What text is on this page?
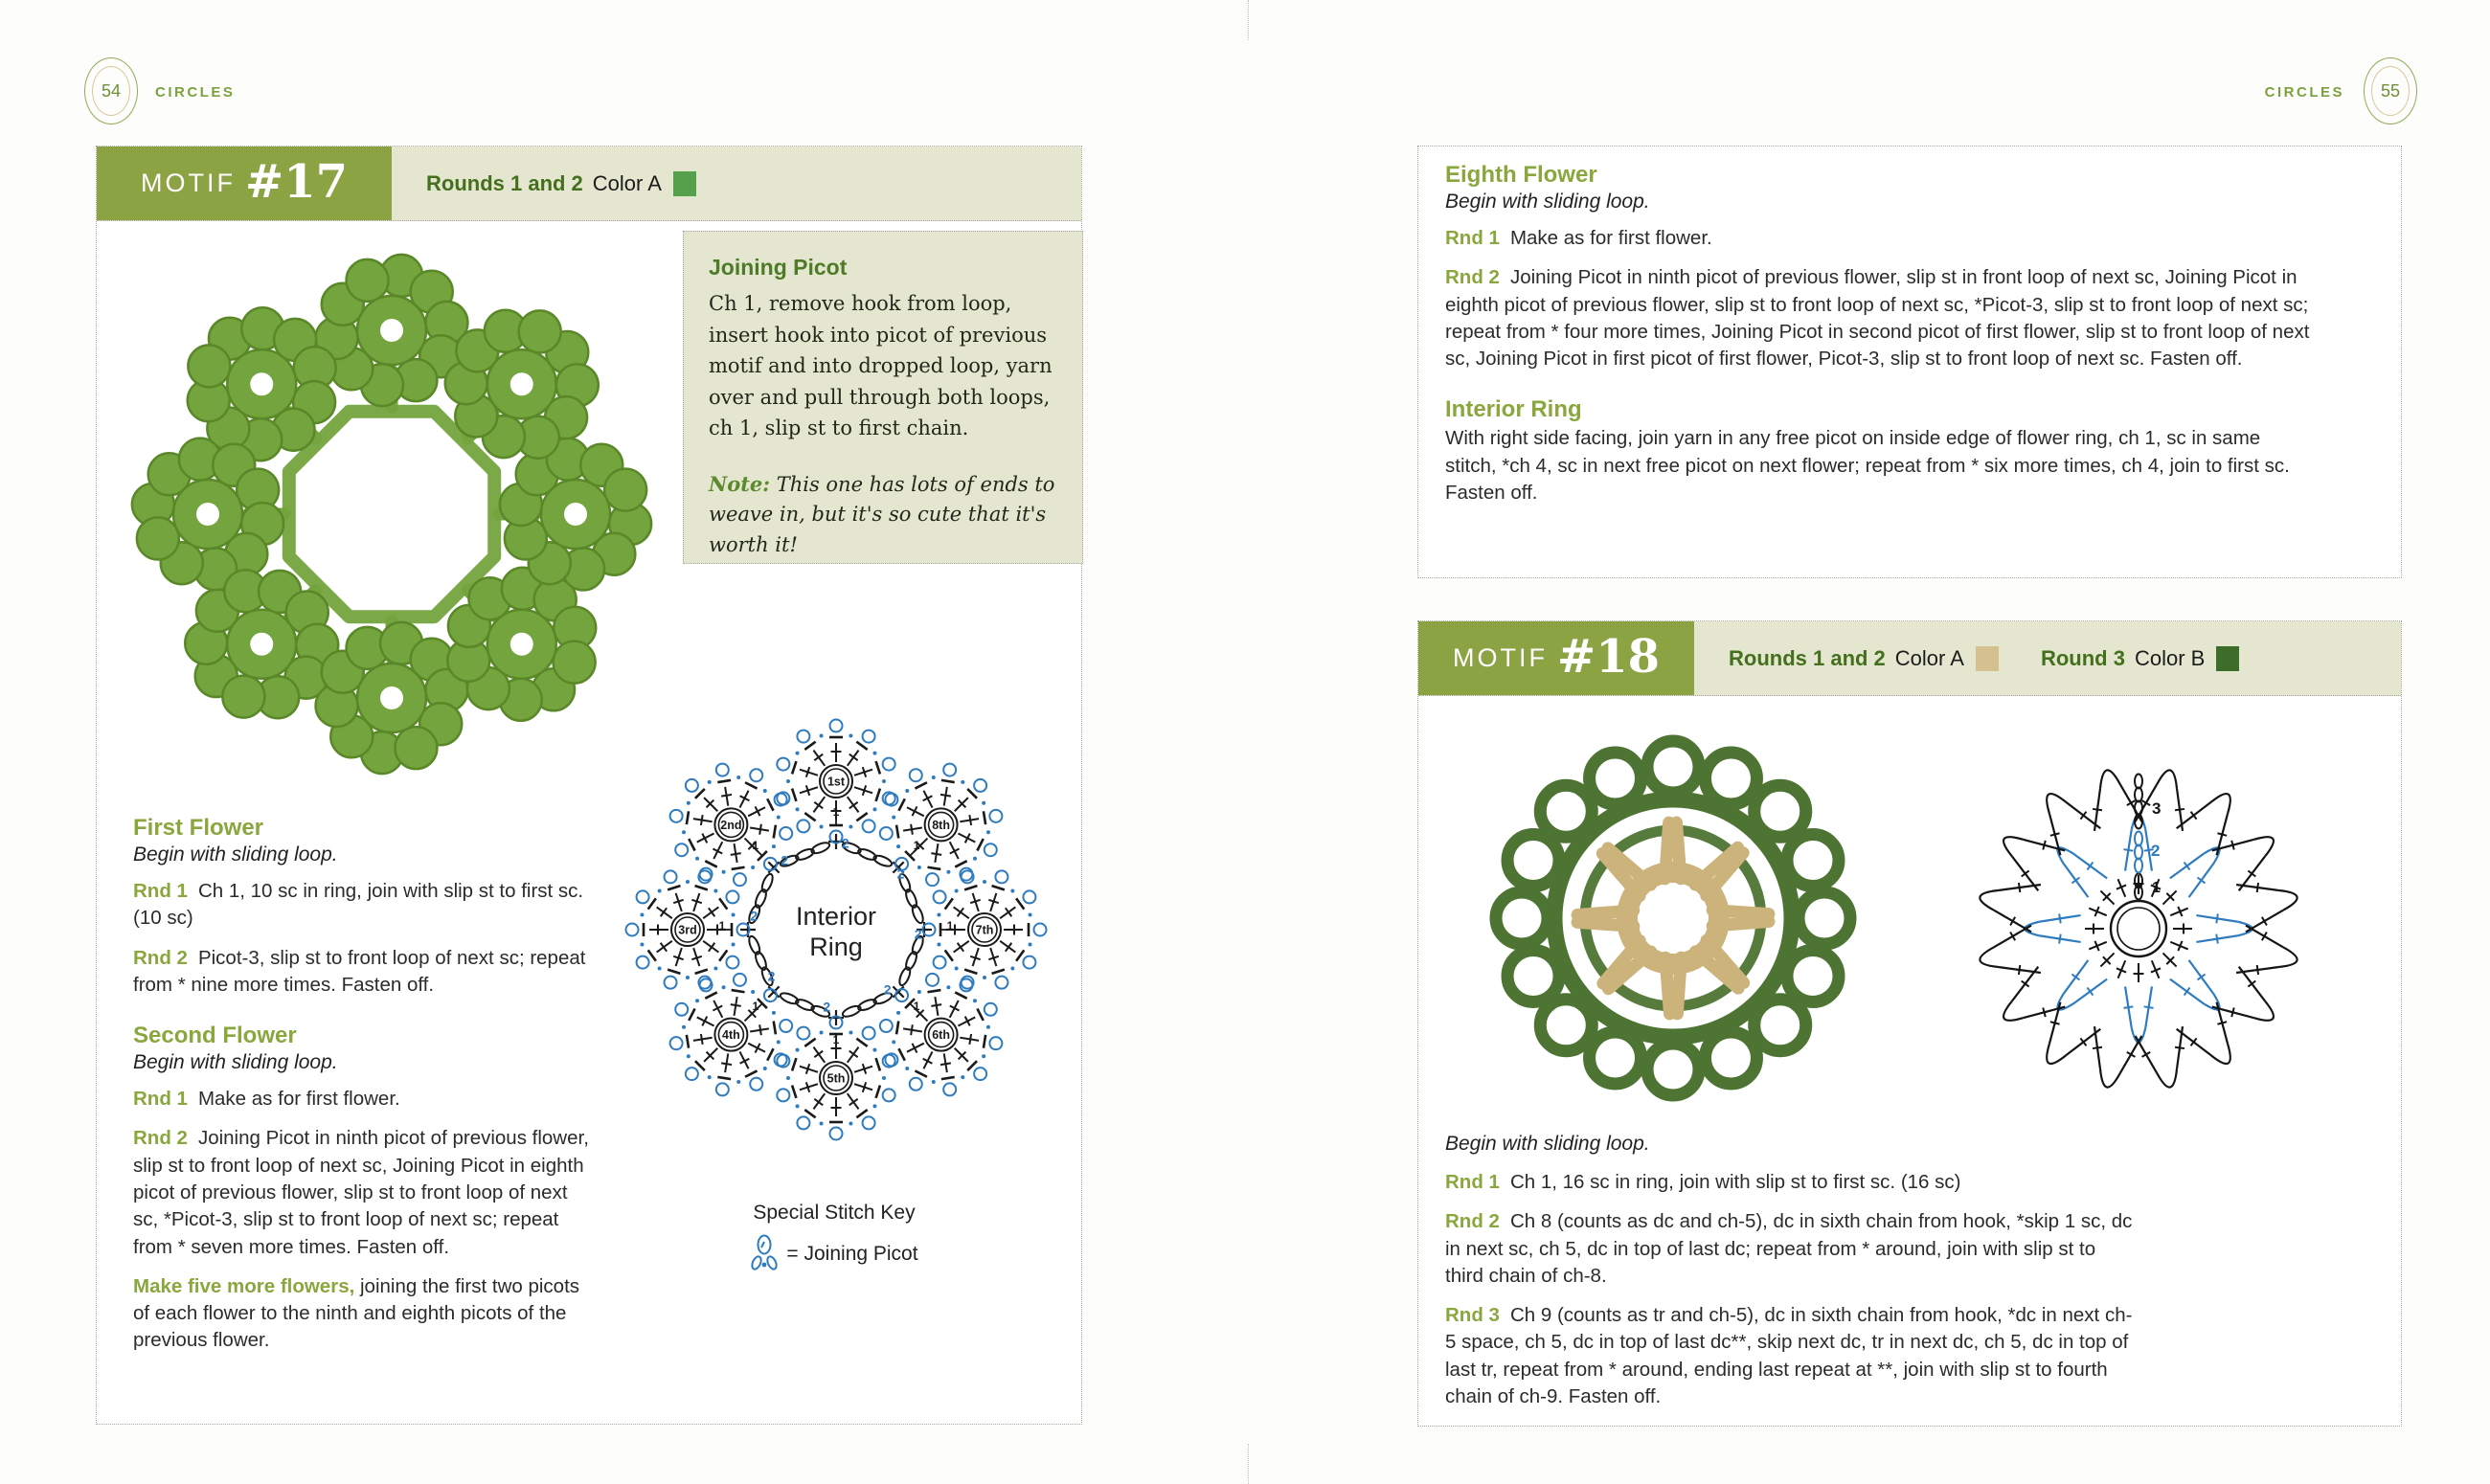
54 CIRCLES	CIRCLES 55
MOTIF #17	Rounds 1 and 2 Color A
Joining Picot
Ch 1, remove hook from loop, insert hook into picot of previous motif and into dropped loop, yarn over and pull through both loops, ch 1, slip st to first chain.
Note: This one has lots of ends to weave in, but it's so cute that it's worth it!
First Flower

Begin with sliding loop.

Rnd 1 Ch 1, 10 sc in ring, join with slip st to first sc. (10 sc)

Rnd 2 Picot-3, slip st to front loop of next sc; repeat from * nine more times. Fasten off.

Second Flower

Begin with sliding loop.

Rnd 1 Make as for first flower.

Rnd 2 Joining Picot in ninth picot of previous flower, slip st to front loop of next sc, Joining Picot in eighth picot of previous flower, slip st to front loop of next sc, *Picot-3, slip st to front loop of next sc; repeat from * seven more times. Fasten off.

Make five more flowers, joining the first two picots of each flower to the ninth and eighth picots of the previous flower.

1st
1
2
2nd
1
2
3rd 1
2
4th
1
2
5th
1
2
6th
1
2
7th
1
2
8th
1
2
Interior
Ring
Special Stitch Key
= Joining Picot
Eighth Flower

Begin with sliding loop.

Rnd 1 Make as for first flower.

Rnd 2 Joining Picot in ninth picot of previous flower, slip st in front loop of next sc, Joining Picot in eighth picot of previous flower, slip st to front loop of next sc, *Picot-3, slip st to front loop of next sc; repeat from * four more times, Joining Picot in second picot of first flower, slip st to front loop of next sc, Joining Picot in first picot of first flower, Picot-3, slip st to front loop of next sc. Fasten off.

Interior Ring

With right side facing, join yarn in any free picot on inside edge of flower ring, ch 1, sc in same stitch, *ch 4, sc in next free picot on next flower; repeat from * six more times, ch 4, join to first sc. Fasten off.

MOTIF #18	Rounds 1 and 2 Color A	Round 3 Color B
1
2
3

Begin with sliding loop.

Rnd 1 Ch 1, 16 sc in ring, join with slip st to first sc. (16 sc)

Rnd 2 Ch 8 (counts as dc and ch-5), dc in sixth chain from hook, *skip 1 sc, dc in next sc, ch 5, dc in top of last dc; repeat from * around, join with slip st to third chain of ch-8.

Rnd 3 Ch 9 (counts as tr and ch-5), dc in sixth chain from hook, *dc in next ch-5 space, ch 5, dc in top of last dc**, skip next dc, tr in next dc, ch 5, dc in top of last tr, repeat from * around, ending last repeat at **, join with slip st to fourth chain of ch-9. Fasten off.
